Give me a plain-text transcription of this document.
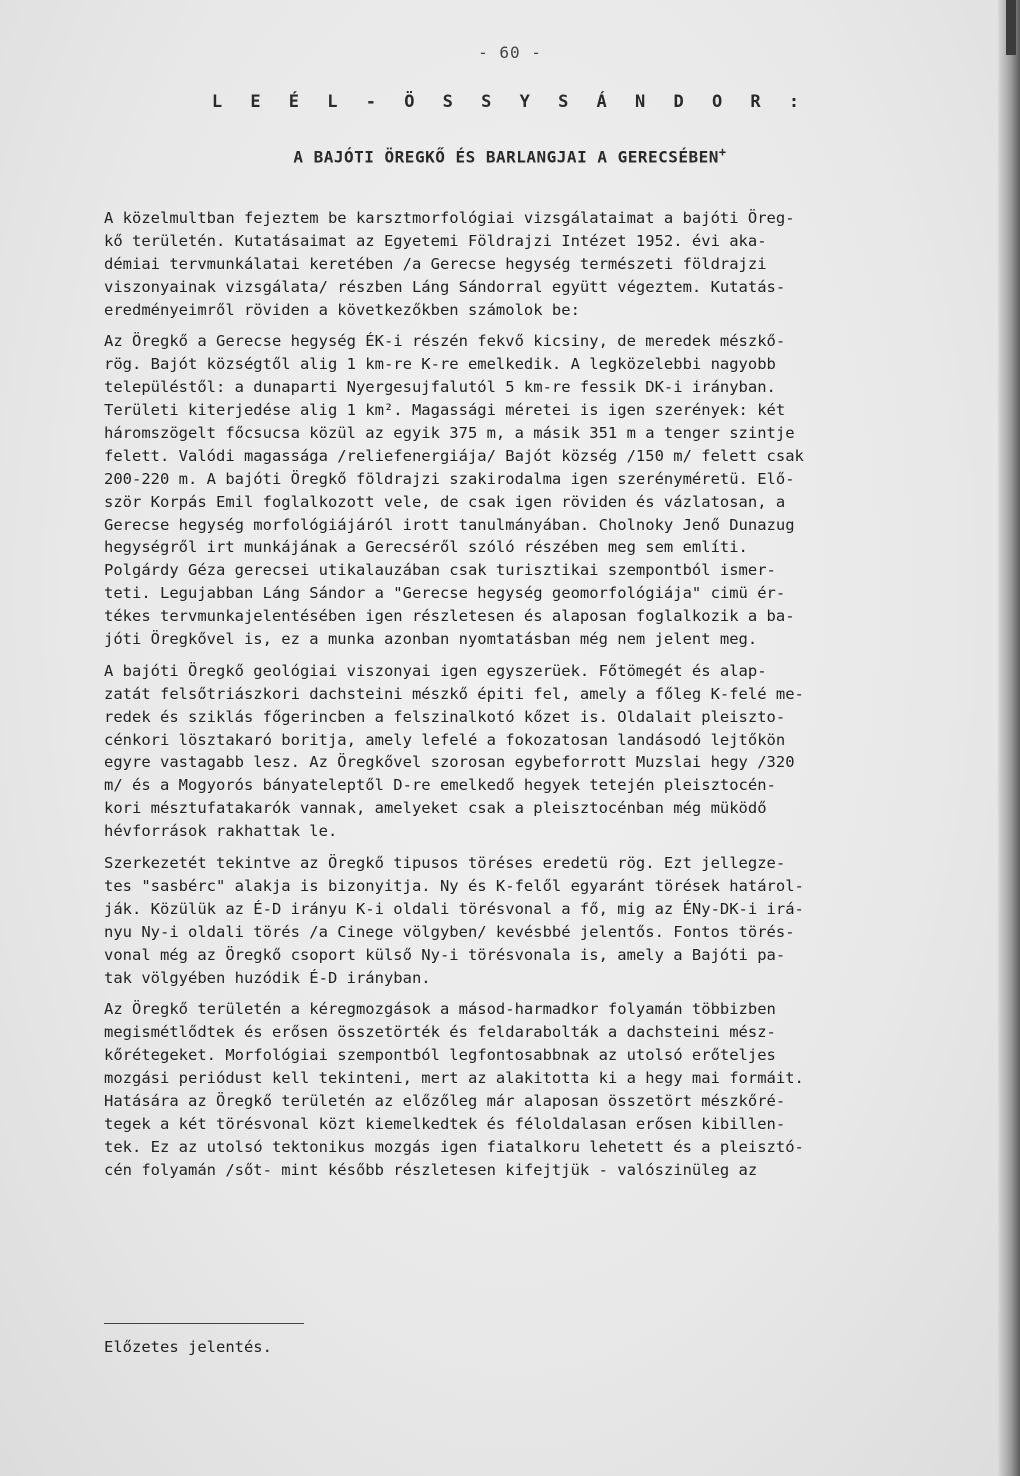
- 60 -
L E É L - Ö S S Y S Á N D O R :
A BAJÓTI ÖREGKŐ ÉS BARLANGJAI A GERECSÉBEN+
A közelmultban fejeztem be karsztmorfológiai vizsgálataimat a bajóti Öreg-
kő területén. Kutatásaimat az Egyetemi Földrajzi Intézet 1952. évi aka-
démiai tervmunkálatai keretében /a Gerecse hegység természeti földrajzi
viszonyainak vizsgálata/ részben Láng Sándorral együtt végeztem. Kutatás-
eredményeimről röviden a következőkben számolok be:
Az Öregkő a Gerecse hegység ÉK-i részén fekvő kicsiny, de meredek mészkő-
rög. Bajót községtől alig 1 km-re K-re emelkedik. A legközelebbi nagyobb
településtől: a dunaparti Nyergesujfalutól 5 km-re fessik DK-i irányban.
Területi kiterjedése alig 1 km². Magassági méretei is igen szerények: két
háromszögelt főcsucsa közül az egyik 375 m, a másik 351 m a tenger szintje
felett. Valódi magassága /reliefenergiája/ Bajót község /150 m/ felett csak
200-220 m. A bajóti Öregkő földrajzi szakirodalma igen szerényméretü. Elő-
ször Korpás Emil foglalkozott vele, de csak igen röviden és vázlatosan, a
Gerecse hegység morfológiájáról irott tanulmányában. Cholnoky Jenő Dunazug
hegységről irt munkájának a Gerecséről szóló részében meg sem említi.
Polgárdy Géza gerecsei utikalauzában csak turisztikai szempontból ismer-
teti. Legujabban Láng Sándor a "Gerecse hegység geomorfológiája" cimü ér-
tékes tervmunkajelentésében igen részletesen és alaposan foglalkozik a ba-
jóti Öregkővel is, ez a munka azonban nyomtatásban még nem jelent meg.
A bajóti Öregkő geológiai viszonyai igen egyszerüek. Főtömegét és alap-
zatát felsőtriászkori dachsteini mészkő épiti fel, amely a főleg K-felé me-
redek és sziklás főgerincben a felszinalkotó kőzet is. Oldalait pleiszto-
cénkori lösztakaró boritja, amely lefelé a fokozatosan landásodó lejtőkön
egyre vastagabb lesz. Az Öregkővel szorosan egybeforrott Muzslai hegy /320
m/ és a Mogyorós bányateleptől D-re emelkedő hegyek tetején pleisztocén-
kori mésztufatakarók vannak, amelyeket csak a pleisztocénban még müködő
hévforrások rakhattak le.
Szerkezetét tekintve az Öregkő tipusos töréses eredetü rög. Ezt jellegze-
tes "sasbérc" alakja is bizonyitja. Ny és K-felől egyaránt törések határol-
ják. Közülük az É-D irányu K-i oldali törésvonal a fő, mig az ÉNy-DK-i irá-
nyu Ny-i oldali törés /a Cinege völgyben/ kevésbbé jelentős. Fontos törés-
vonal még az Öregkő csoport külső Ny-i törésvonala is, amely a Bajóti pa-
tak völgyében huzódik É-D irányban.
Az Öregkő területén a kéregmozgások a másod-harmadkor folyamán többizben
megismétlődtek és erősen összetörték és feldarabolták a dachsteini mész-
kőrétegeket. Morfológiai szempontból legfontosabbnak az utolsó erőteljes
mozgási periódust kell tekinteni, mert az alakitotta ki a hegy mai formáit.
Hatására az Öregkő területén az előzőleg már alaposan összetört mészkőré-
tegek a két törésvonal közt kiemelkedtek és féloldalasan erősen kibillen-
tek. Ez az utolsó tektonikus mozgás igen fiatalkoru lehetett és a pleisztó-
cén folyamán /sőt- mint később részletesen kifejtjük - valószinüleg az
Előzetes jelentés.
